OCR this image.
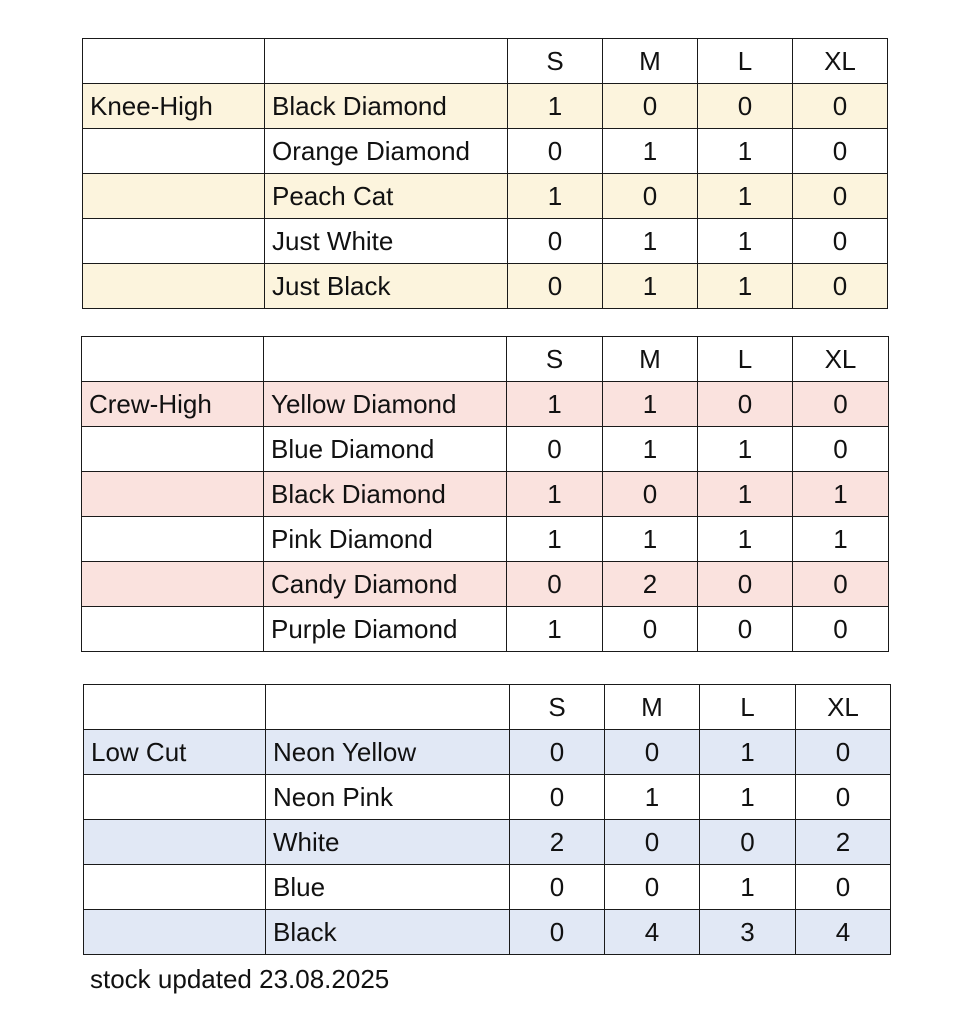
		S	M	L	XL
Knee-High	Black Diamond	1	0	0	0
	Orange Diamond	0	1	1	0
	Peach Cat	1	0	1	0
	Just White	0	1	1	0
	Just Black	0	1	1	0
		S	M	L	XL
Crew-High	Yellow Diamond	1	1	0	0
	Blue Diamond	0	1	1	0
	Black Diamond	1	0	1	1
	Pink Diamond	1	1	1	1
	Candy Diamond	0	2	0	0
	Purple Diamond	1	0	0	0
		S	M	L	XL
Low Cut	Neon Yellow	0	0	1	0
	Neon Pink	0	1	1	0
	White	2	0	0	2
	Blue	0	0	1	0
	Black	0	4	3	4
stock updated 23.08.2025
